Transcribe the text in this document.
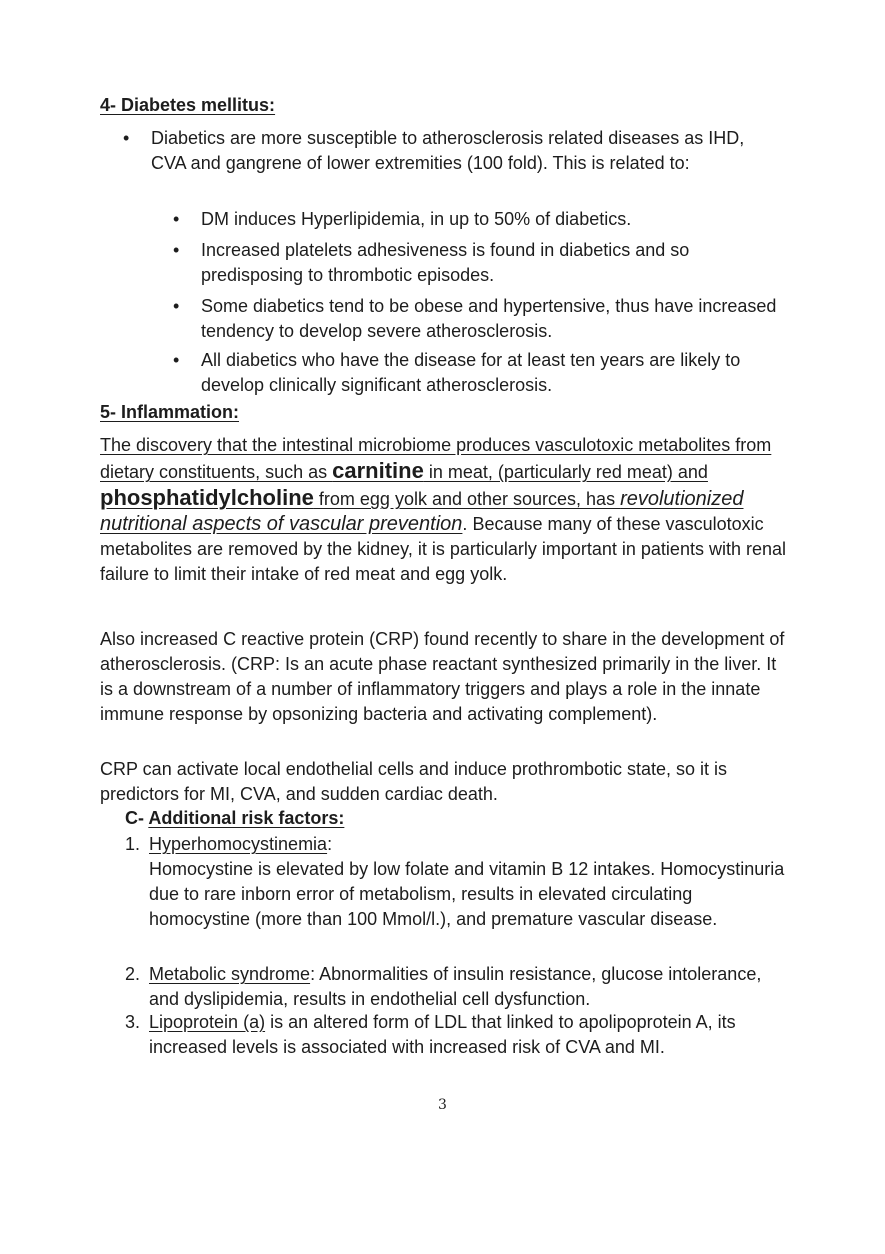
4- Diabetes mellitus:
•	Diabetics are more susceptible to atherosclerosis related diseases as IHD, CVA and gangrene of lower extremities (100 fold). This is related to:
•	DM induces Hyperlipidemia, in up to 50% of diabetics.
•	Increased platelets adhesiveness is found in diabetics and so predisposing to thrombotic episodes.
•	Some diabetics tend to be obese and hypertensive, thus have increased tendency to develop severe atherosclerosis.
•	All diabetics who have the disease for at least ten years are likely to develop clinically significant atherosclerosis.
5- Inflammation:

The discovery that the intestinal microbiome produces vasculotoxic metabolites from dietary constituents, such as carnitine in meat, (particularly red meat) and phosphatidylcholine from egg yolk and other sources, has revolutionized nutritional aspects of vascular prevention. Because many of these vasculotoxic metabolites are removed by the kidney, it is particularly important in patients with renal failure to limit their intake of red meat and egg yolk.

Also increased C reactive protein (CRP) found recently to share in the development of atherosclerosis. (CRP: Is an acute phase reactant synthesized primarily in the liver. It is a downstream of a number of inflammatory triggers and plays a role in the innate immune response by opsonizing bacteria and activating complement).

CRP can activate local endothelial cells and induce prothrombotic state, so it is predictors for MI, CVA, and sudden cardiac death.

C- Additional risk factors:

1. Hyperhomocystinemia:
Homocystine is elevated by low folate and vitamin B 12 intakes. Homocystinuria due to rare inborn error of metabolism, results in elevated circulating homocystine (more than 100 Mmol/l.), and premature vascular disease.
2. Metabolic syndrome: Abnormalities of insulin resistance, glucose intolerance, and dyslipidemia, results in endothelial cell dysfunction.
3. Lipoprotein (a) is an altered form of LDL that linked to apolipoprotein A, its increased levels is associated with increased risk of CVA and MI.
3
